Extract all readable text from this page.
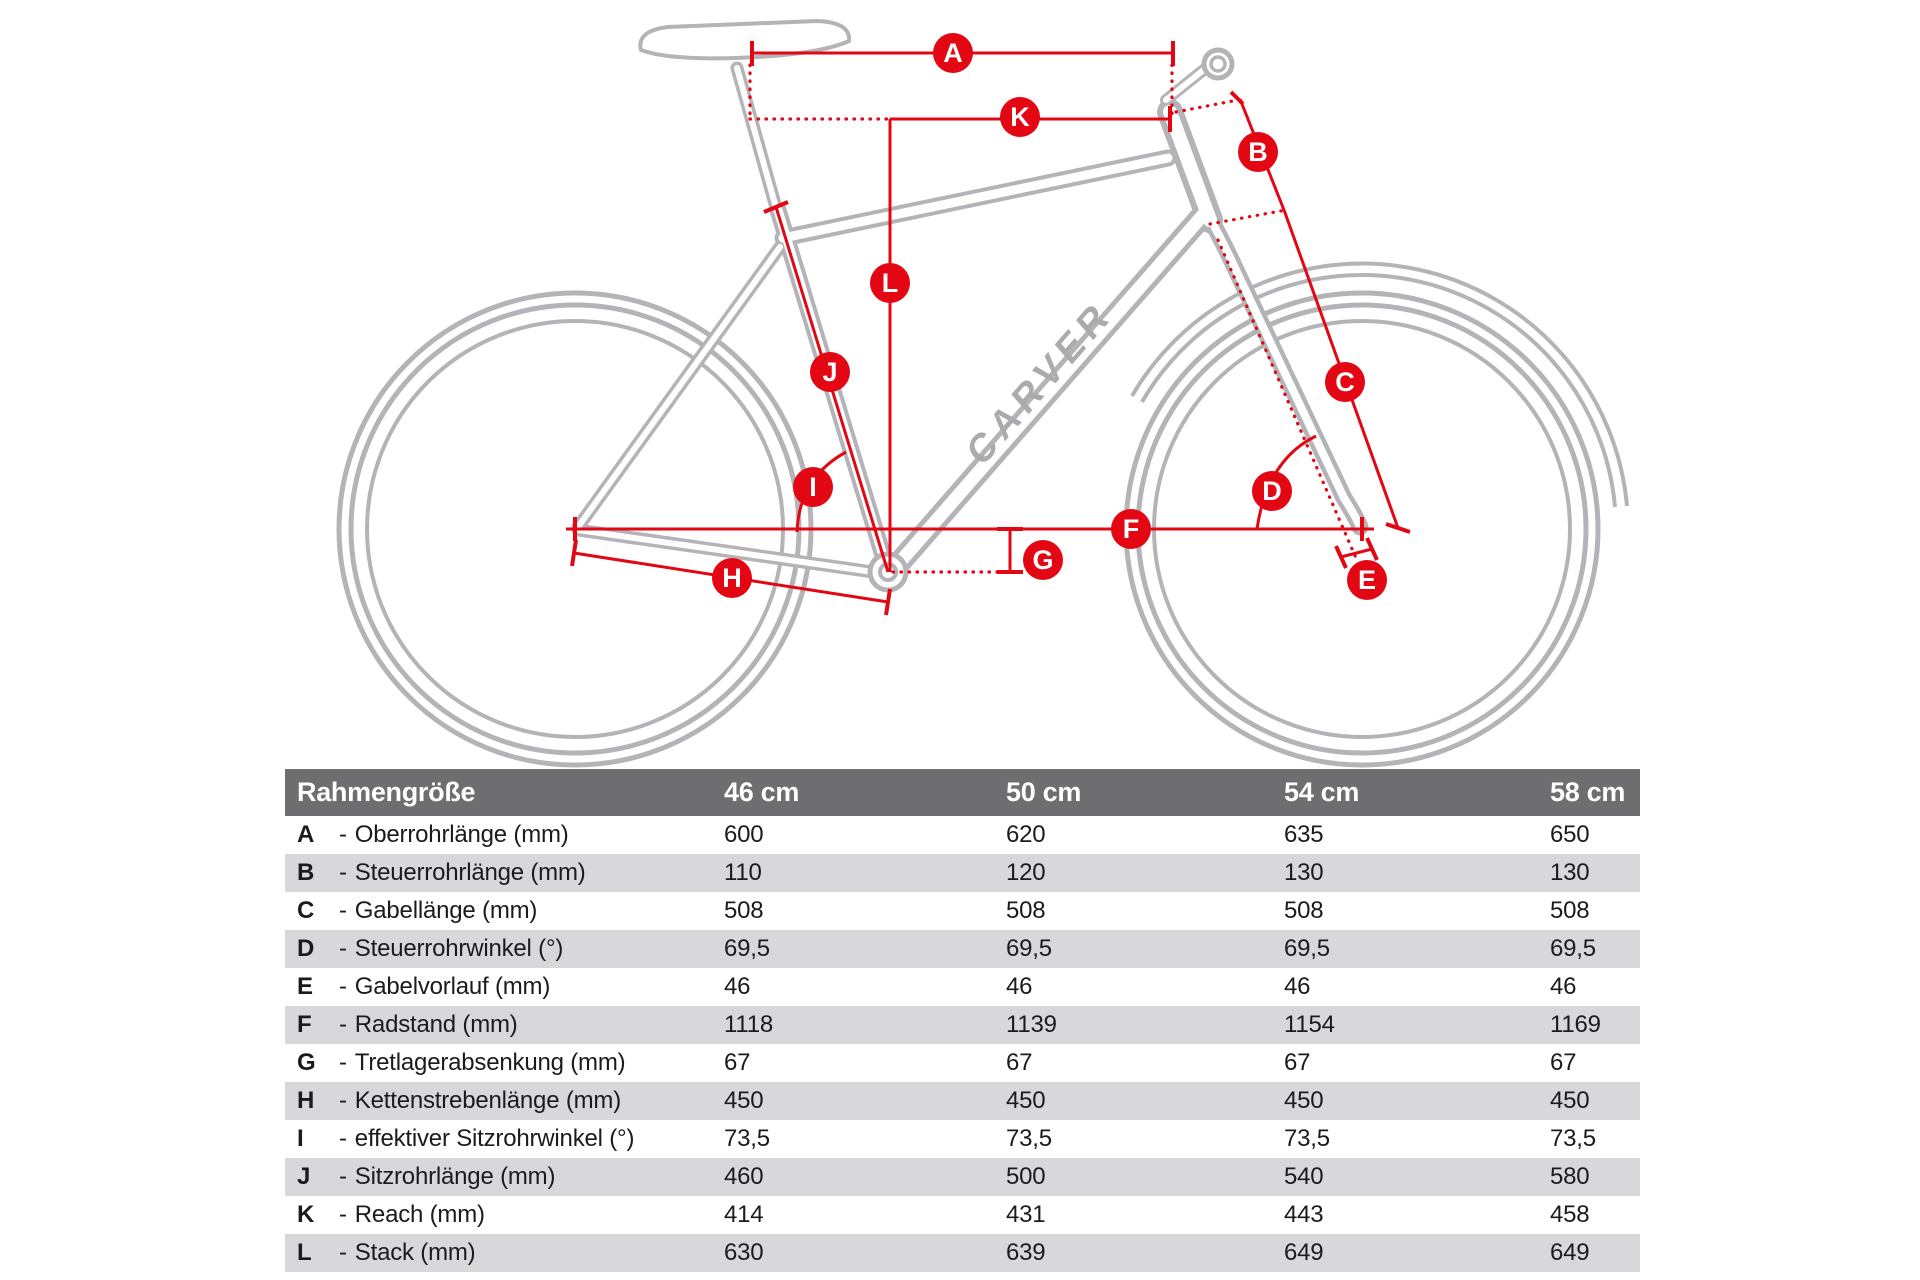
CARVER
A
B
C
D
E
F
G
H
I
J
K
L
Rahmengröße	46 cm	50 cm	54 cm	58 cm
A - Oberrohrlänge (mm)	600	620	635	650
B - Steuerrohrlänge (mm)	110	120	130	130
C - Gabellänge (mm)	508	508	508	508
D - Steuerrohrwinkel (°)	69,5	69,5	69,5	69,5
E - Gabelvorlauf (mm)	46	46	46	46
F - Radstand (mm)	1118	1139	1154	1169
G - Tretlagerabsenkung (mm)	67	67	67	67
H - Kettenstrebenlänge (mm)	450	450	450	450
I - effektiver Sitzrohrwinkel (°)	73,5	73,5	73,5	73,5
J - Sitzrohrlänge (mm)	460	500	540	580
K - Reach (mm)	414	431	443	458
L - Stack (mm)	630	639	649	649
